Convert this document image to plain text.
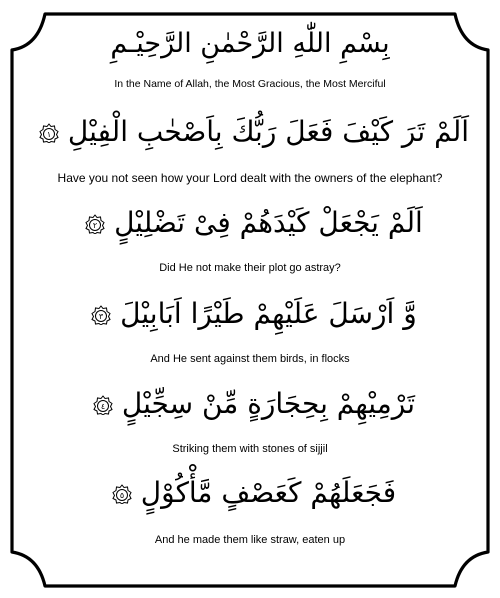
بِسْمِ اللّٰهِ الرَّحْمٰنِ الرَّحِيْـمِ
In the Name of Allah, the Most Gracious, the Most Merciful
اَلَمْ تَرَ كَيْفَ فَعَلَ رَبُّكَ بِاَصْحٰبِ الْفِيْلِ
١
Have you not seen how your Lord dealt with the owners of the elephant?
اَلَمْ يَجْعَلْ كَيْدَهُمْ فِىْ تَضْلِيْلٍ
٢
Did He not make their plot go astray?
وَّ اَرْسَلَ عَلَيْهِمْ طَيْرًا اَبَابِيْلَ
٣
And He sent against them birds, in flocks
تَرْمِيْهِمْ بِحِجَارَةٍ مِّنْ سِجِّيْلٍ
٤
Striking them with stones of sijjil
فَجَعَلَهُمْ كَعَصْفٍ مَّأْكُوْلٍ
٥
And he made them like straw, eaten up
